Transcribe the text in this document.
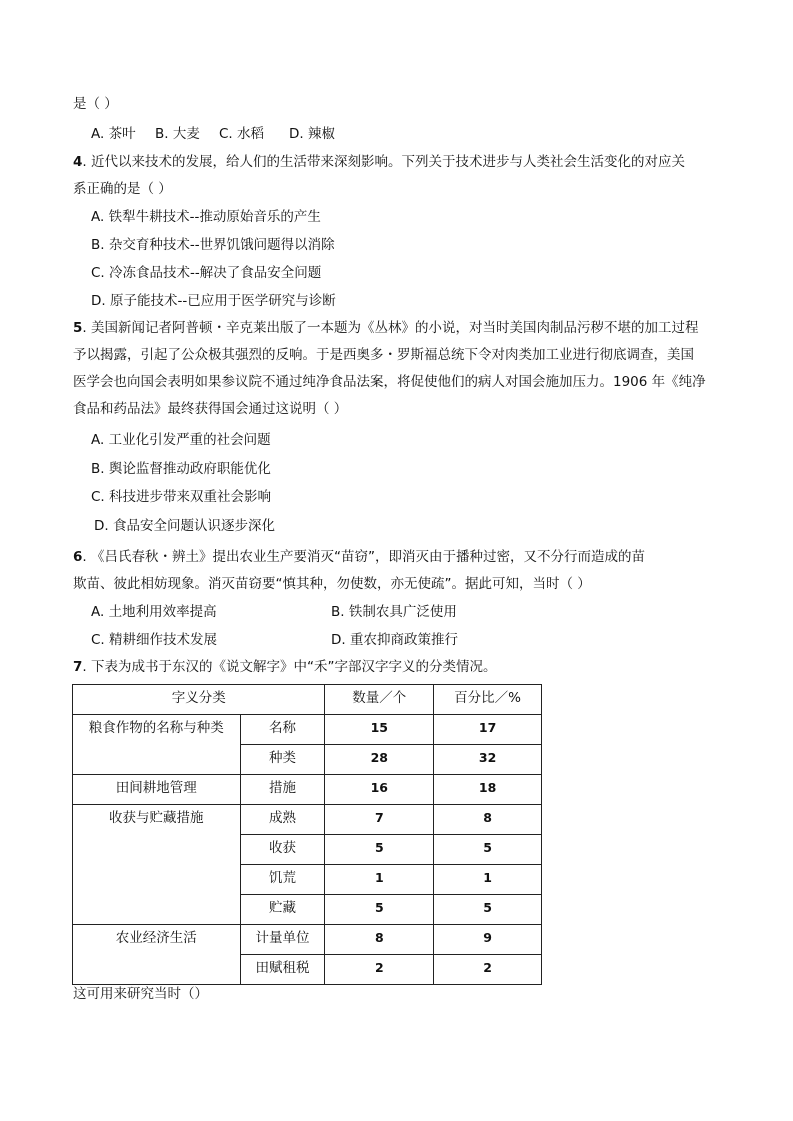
是（ ）
A. 茶叶 B. 大麦 C. 水稻 D. 辣椒
4. 近代以来技术的发展，给人们的生活带来深刻影响。下列关于技术进步与人类社会生活变化的对应关
系正确的是（ ）
A. 铁犁牛耕技术--推动原始音乐的产生
B. 杂交育种技术--世界饥饿问题得以消除
C. 冷冻食品技术--解决了食品安全问题
D. 原子能技术--已应用于医学研究与诊断
5. 美国新闻记者阿普顿・辛克莱出版了一本题为《丛林》的小说，对当时美国肉制品污秽不堪的加工过程
予以揭露，引起了公众极其强烈的反响。于是西奥多・罗斯福总统下令对肉类加工业进行彻底调查，美国
医学会也向国会表明如果参议院不通过纯净食品法案，将促使他们的病人对国会施加压力。1906 年《纯净
食品和药品法》最终获得国会通过这说明（ ）
A. 工业化引发严重的社会问题
B. 舆论监督推动政府职能优化
C. 科技进步带来双重社会影响
D. 食品安全问题认识逐步深化
6. 《吕氏春秋・辨土》提出农业生产要消灭“苗窃”，即消灭由于播种过密，又不分行而造成的苗
欺苗、彼此相妨现象。消灭苗窃要“慎其种，勿使数，亦无使疏”。据此可知，当时（ ）
A. 土地利用效率提高	B. 铁制农具广泛使用
C. 精耕细作技术发展	D. 重农抑商政策推行
7. 下表为成书于东汉的《说文解字》中“禾”字部汉字字义的分类情况。
字义分类		数量／个	百分比／%
粮食作物的名称与种类	名称	15	17
	种类	28	32
田间耕地管理	措施	16	18
收获与贮藏措施	成熟	7	8
	收获	5	5
	饥荒	1	1
	贮藏	5	5
农业经济生活	计量单位	8	9
	田赋租税	2	2
这可用来研究当时（）
